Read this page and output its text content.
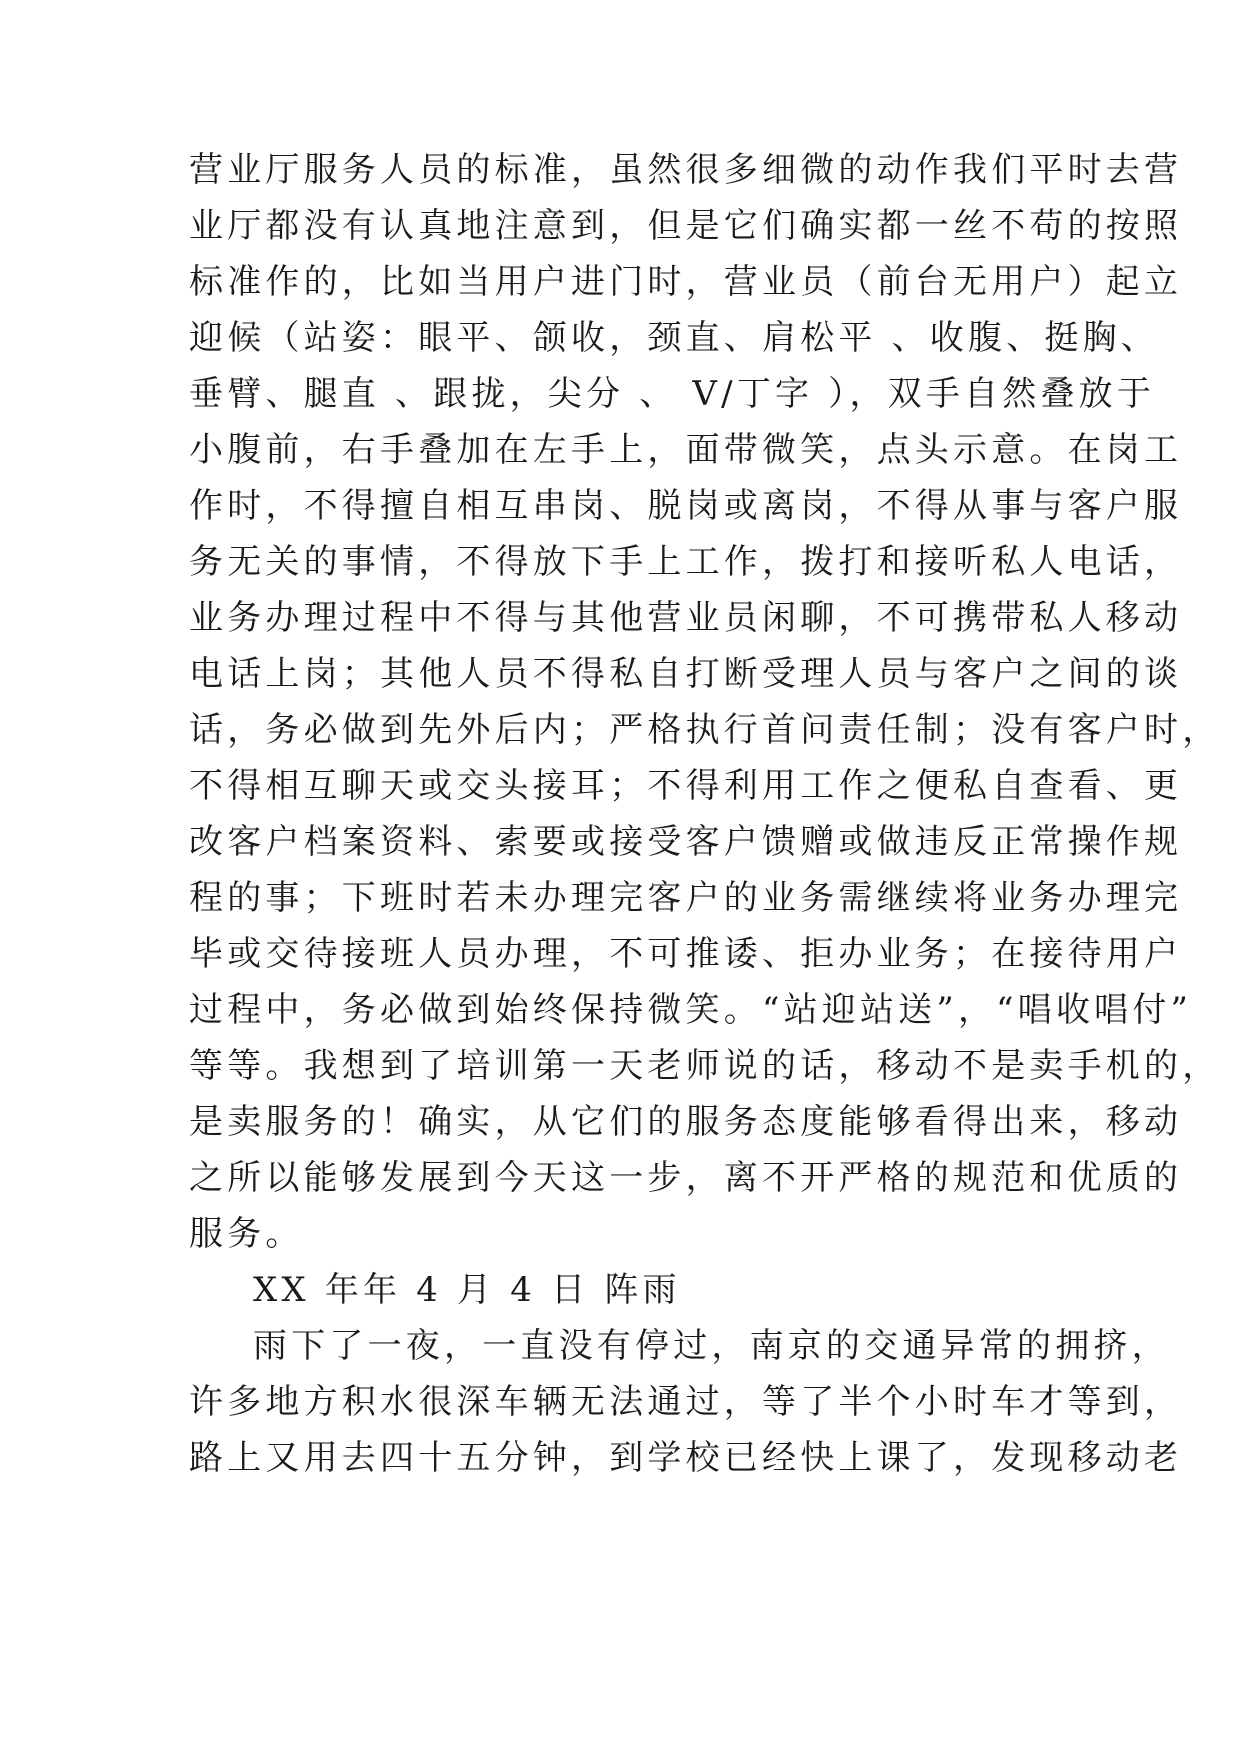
营业厅服务人员的标准，虽然很多细微的动作我们平时去营
业厅都没有认真地注意到，但是它们确实都一丝不苟的按照
标准作的，比如当用户进门时，营业员（前台无用户）起立
迎候（站姿：眼平、颌收，颈直、肩松平 、收腹、挺胸、
垂臂、腿直 、跟拢，尖分 、 V/丁字 ），双手自然叠放于
小腹前，右手叠加在左手上，面带微笑，点头示意。在岗工
作时，不得擅自相互串岗、脱岗或离岗，不得从事与客户服
务无关的事情，不得放下手上工作，拨打和接听私人电话，
业务办理过程中不得与其他营业员闲聊，不可携带私人移动
电话上岗；其他人员不得私自打断受理人员与客户之间的谈
话，务必做到先外后内；严格执行首问责任制；没有客户时，
不得相互聊天或交头接耳；不得利用工作之便私自查看、更
改客户档案资料、索要或接受客户馈赠或做违反正常操作规
程的事；下班时若未办理完客户的业务需继续将业务办理完
毕或交待接班人员办理，不可推诿、拒办业务；在接待用户
过程中，务必做到始终保持微笑。“站迎站送”，“唱收唱付”
等等。我想到了培训第一天老师说的话，移动不是卖手机的，
是卖服务的！确实，从它们的服务态度能够看得出来，移动
之所以能够发展到今天这一步，离不开严格的规范和优质的
服务。
XX 年年 4 月 4 日 阵雨
雨下了一夜，一直没有停过，南京的交通异常的拥挤，
许多地方积水很深车辆无法通过，等了半个小时车才等到，
路上又用去四十五分钟，到学校已经快上课了，发现移动老
